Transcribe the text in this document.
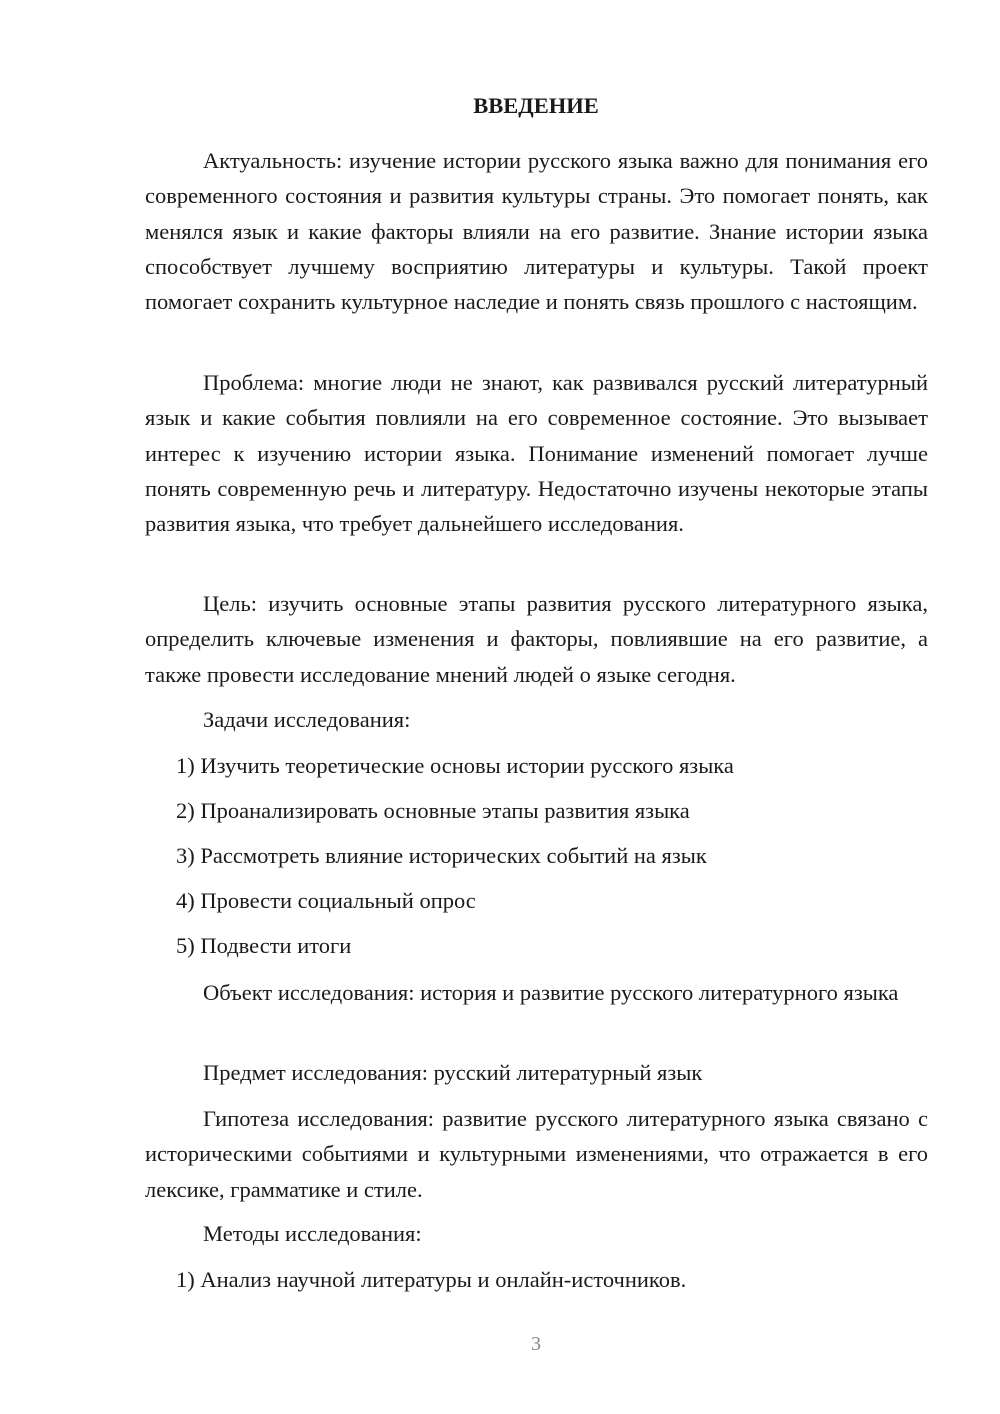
ВВЕДЕНИЕ

Актуальность: изучение истории русского языка важно для понимания его современного состояния и развития культуры страны. Это помогает понять, как менялся язык и какие факторы влияли на его развитие. Знание истории языка способствует лучшему восприятию литературы и культуры. Такой проект помогает сохранить культурное наследие и понять связь прошлого с настоящим.

Проблема: многие люди не знают, как развивался русский литературный язык и какие события повлияли на его современное состояние. Это вызывает интерес к изучению истории языка. Понимание изменений помогает лучше понять современную речь и литературу. Недостаточно изучены некоторые этапы развития языка, что требует дальнейшего исследования.

Цель: изучить основные этапы развития русского литературного языка, определить ключевые изменения и факторы, повлиявшие на его развитие, а также провести исследование мнений людей о языке сегодня.

Задачи исследования:

1) Изучить теоретические основы истории русского языка

2) Проанализировать основные этапы развития языка

3) Рассмотреть влияние исторических событий на язык

4) Провести социальный опрос

5) Подвести итоги

Объект исследования: история и развитие русского литературного языка

Предмет исследования: русский литературный язык

Гипотеза исследования: развитие русского литературного языка связано с историческими событиями и культурными изменениями, что отражается в его лексике, грамматике и стиле.

Методы исследования:

1) Анализ научной литературы и онлайн-источников.

3
